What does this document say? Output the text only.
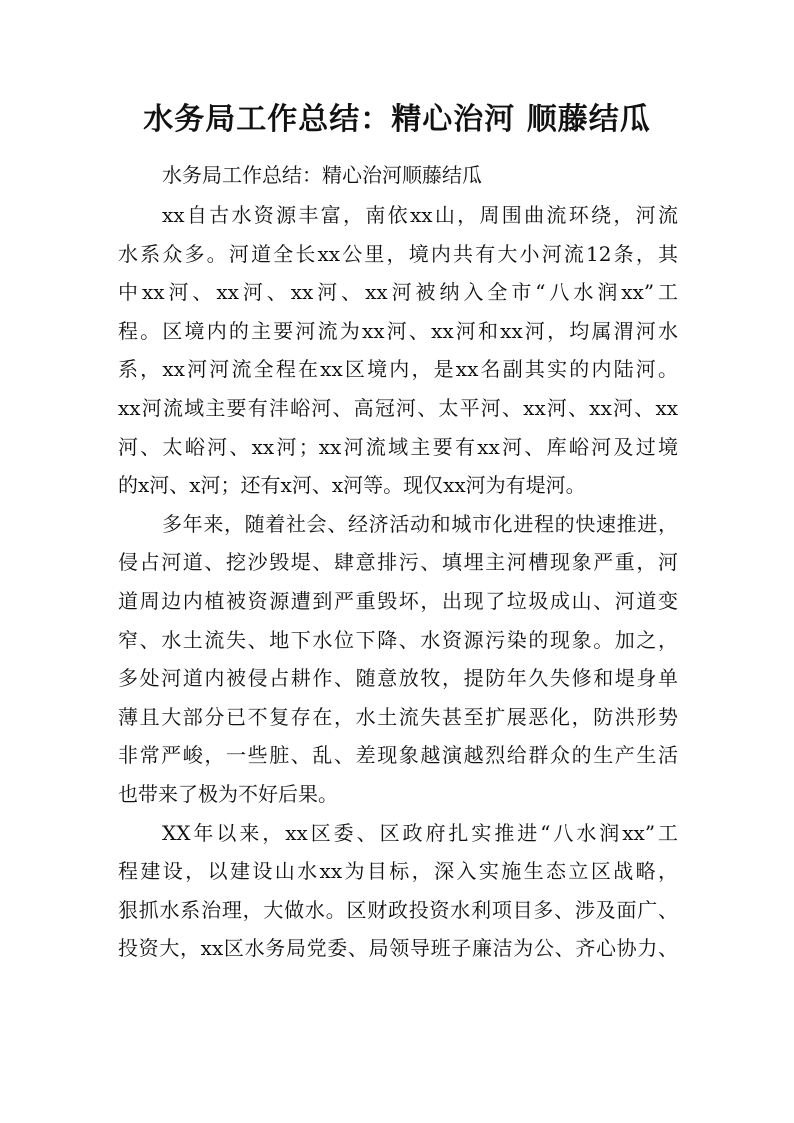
水务局工作总结：精心治河 顺藤结瓜

水务局工作总结：精心治河顺藤结瓜

xx自古水资源丰富，南依xx山，周围曲流环绕，河流
水系众多。河道全长xx公里，境内共有大小河流12条，其
中xx河、xx河、xx河、xx河被纳入全市“八水润xx”工
程。区境内的主要河流为xx河、xx河和xx河，均属渭河水
系，xx河河流全程在xx区境内，是xx名副其实的内陆河。
xx河流域主要有沣峪河、高冠河、太平河、xx河、xx河、xx
河、太峪河、xx河；xx河流域主要有xx河、库峪河及过境
的x河、x河；还有x河、x河等。现仅xx河为有堤河。
多年来，随着社会、经济活动和城市化进程的快速推进，
侵占河道、挖沙毁堤、肆意排污、填埋主河槽现象严重，河
道周边内植被资源遭到严重毁坏，出现了垃圾成山、河道变
窄、水土流失、地下水位下降、水资源污染的现象。加之，
多处河道内被侵占耕作、随意放牧，提防年久失修和堤身单
薄且大部分已不复存在，水土流失甚至扩展恶化，防洪形势
非常严峻，一些脏、乱、差现象越演越烈给群众的生产生活
也带来了极为不好后果。
XX年以来，xx区委、区政府扎实推进“八水润xx”工
程建设，以建设山水xx为目标，深入实施生态立区战略，
狠抓水系治理，大做水。区财政投资水利项目多、涉及面广、
投资大，xx区水务局党委、局领导班子廉洁为公、齐心协力、
